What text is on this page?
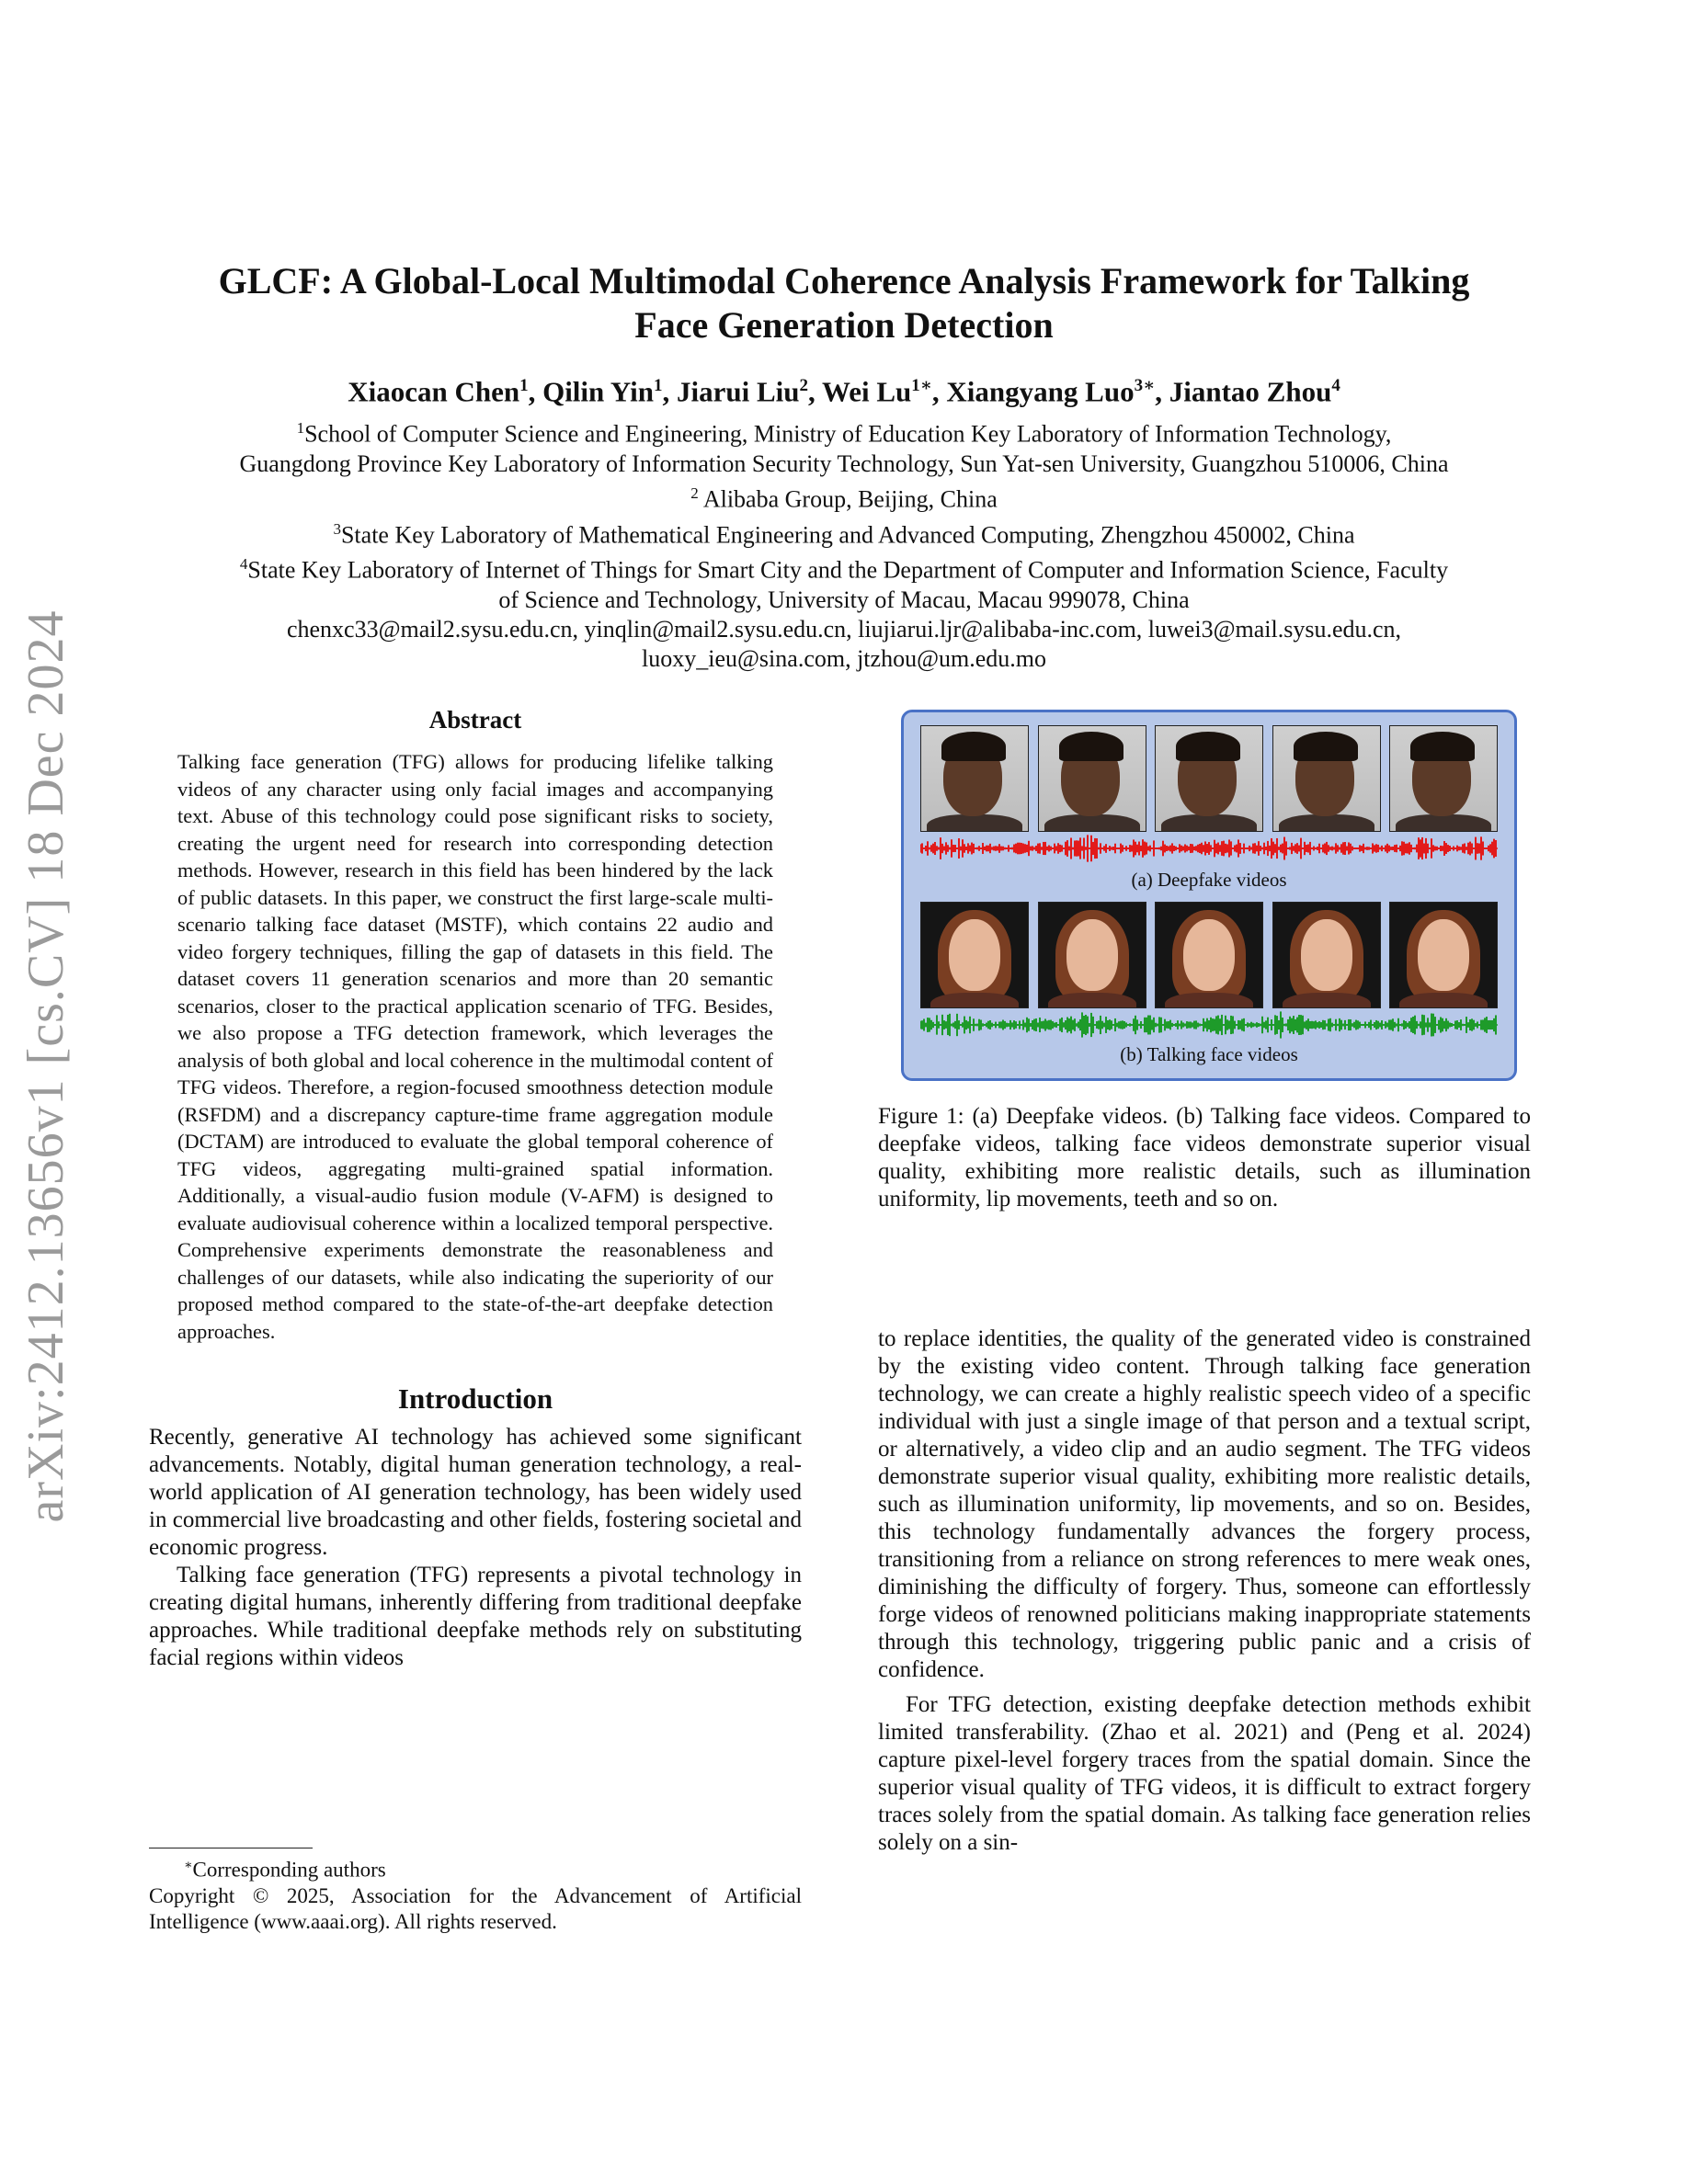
arXiv:2412.13656v1 [cs.CV] 18 Dec 2024
GLCF: A Global-Local Multimodal Coherence Analysis Framework for Talking
Face Generation Detection
Xiaocan Chen$^1$, Qilin Yin$^1$, Jiarui Liu$^2$, Wei $Lu^{1∗}$, Xiangyang Luo$^{3∗}$, Jiantao Zhou$^4$
$^1$School of Computer Science and Engineering, Ministry of Education Key Laboratory of Information Technology,
Guangdong Province Key Laboratory of Information Security Technology, Sun Yat-sen University, Guangzhou 510006, China
$^2$ Alibaba Group, Beijing, China
$^3$State Key Laboratory of Mathematical Engineering and Advanced Computing, Zhengzhou 450002, China
$^4$State Key Laboratory of Internet of Things for Smart City and the Department of Computer and Information Science, Faculty
of Science and Technology, University of Macau, Macau 999078, China
chenxc33@mail2.sysu.edu.cn, yinqlin@mail2.sysu.edu.cn, liujiarui.ljr@alibaba-inc.com, luwei3@mail.sysu.edu.cn,
luoxy_ieu@sina.com, jtzhou@um.edu.mo
Abstract
Talking face generation (TFG) allows for producing lifelike talking videos of any character using only facial images and accompanying text. Abuse of this technology could pose significant risks to society, creating the urgent need for research into corresponding detection methods. However, research in this field has been hindered by the lack of public datasets. In this paper, we construct the first large-scale multi-scenario talking face dataset (MSTF), which contains 22 audio and video forgery techniques, filling the gap of datasets in this field. The dataset covers 11 generation scenarios and more than 20 semantic scenarios, closer to the practical application scenario of TFG. Besides, we also propose a TFG detection framework, which leverages the analysis of both global and local coherence in the multimodal content of TFG videos. Therefore, a region-focused smoothness detection module (RSFDM) and a discrepancy capture-time frame aggregation module (DCTAM) are introduced to evaluate the global temporal coherence of TFG videos, aggregating multi-grained spatial information. Additionally, a visual-audio fusion module (V-AFM) is designed to evaluate audiovisual coherence within a localized temporal perspective. Comprehensive experiments demonstrate the reasonableness and challenges of our datasets, while also indicating the superiority of our proposed method compared to the state-of-the-art deepfake detection approaches.
Introduction

Recently, generative AI technology has achieved some significant advancements. Notably, digital human generation technology, a real-world application of AI generation technology, has been widely used in commercial live broadcasting and other fields, fostering societal and economic progress.

Talking face generation (TFG) represents a pivotal technology in creating digital humans, inherently differing from traditional deepfake approaches. While traditional deepfake methods rely on substituting facial regions within videos

∗Corresponding authors
Copyright © 2025, Association for the Advancement of Artificial Intelligence (www.aaai.org). All rights reserved.
(a) Deepfake videos
(b) Talking face videos
Figure 1: (a) Deepfake videos. (b) Talking face videos. Compared to deepfake videos, talking face videos demonstrate superior visual quality, exhibiting more realistic details, such as illumination uniformity, lip movements, teeth and so on.

to replace identities, the quality of the generated video is constrained by the existing video content. Through talking face generation technology, we can create a highly realistic speech video of a specific individual with just a single image of that person and a textual script, or alternatively, a video clip and an audio segment. The TFG videos demonstrate superior visual quality, exhibiting more realistic details, such as illumination uniformity, lip movements, and so on. Besides, this technology fundamentally advances the forgery process, transitioning from a reliance on strong references to mere weak ones, diminishing the difficulty of forgery. Thus, someone can effortlessly forge videos of renowned politicians making inappropriate statements through this technology, triggering public panic and a crisis of confidence.

For TFG detection, existing deepfake detection methods exhibit limited transferability. (Zhao et al. 2021) and (Peng et al. 2024) capture pixel-level forgery traces from the spatial domain. Since the superior visual quality of TFG videos, it is difficult to extract forgery traces solely from the spatial domain. As talking face generation relies solely on a sin-
